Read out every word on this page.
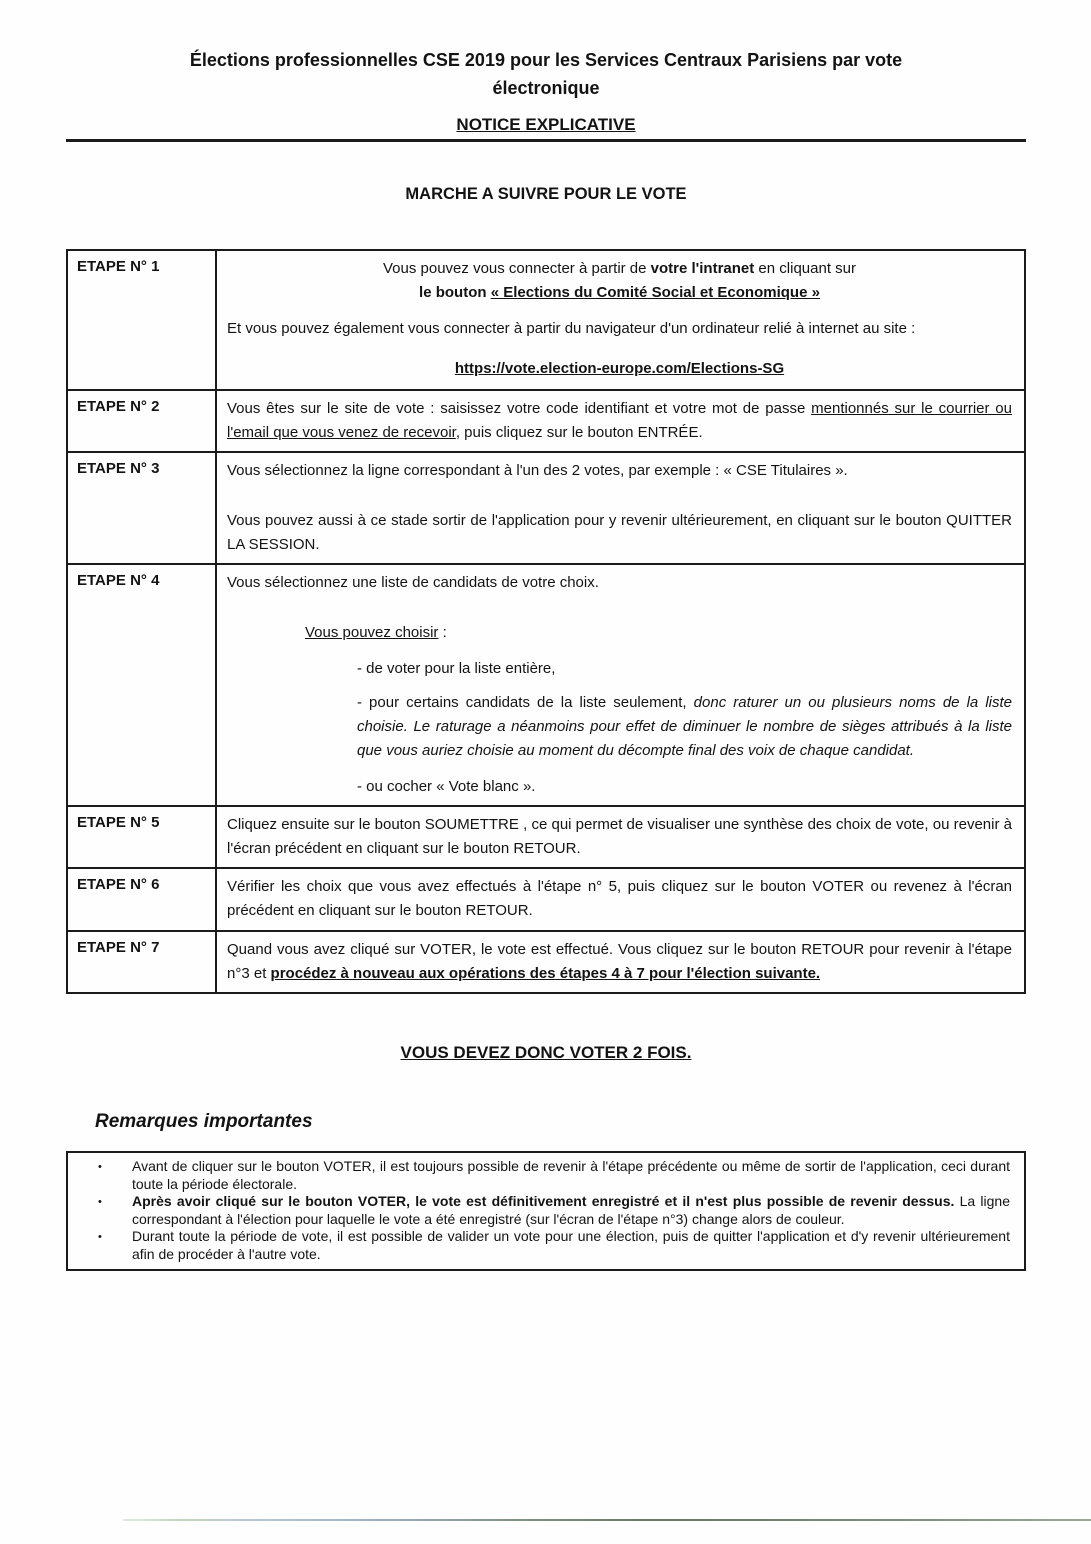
Élections professionnelles CSE 2019 pour les Services Centraux Parisiens par vote
électronique
NOTICE EXPLICATIVE
MARCHE A SUIVRE POUR LE VOTE
ETAPE N° 1	Vous pouvez vous connecter à partir de votre l'intranet en cliquant sur

le bouton « Elections du Comité Social et Economique »

Et vous pouvez également vous connecter à partir du navigateur d'un ordinateur relié à internet au site :

https://vote.election-europe.com/Elections-SG

ETAPE N° 2	Vous êtes sur le site de vote : saisissez votre code identifiant et votre mot de passe mentionnés sur le courrier ou l'email que vous venez de recevoir, puis cliquez sur le bouton ENTRÉE.

ETAPE N° 3	Vous sélectionnez la ligne correspondant à l'un des 2 votes, par exemple : « CSE Titulaires ».

Vous pouvez aussi à ce stade sortir de l'application pour y revenir ultérieurement, en cliquant sur le bouton QUITTER LA SESSION.

ETAPE N° 4	Vous sélectionnez une liste de candidats de votre choix.

Vous pouvez choisir :

- de voter pour la liste entière,

- pour certains candidats de la liste seulement, donc raturer un ou plusieurs noms de la liste choisie. Le raturage a néanmoins pour effet de diminuer le nombre de sièges attribués à la liste que vous auriez choisie au moment du décompte final des voix de chaque candidat.

- ou cocher « Vote blanc ».

ETAPE N° 5	Cliquez ensuite sur le bouton SOUMETTRE , ce qui permet de visualiser une synthèse des choix de vote, ou revenir à l'écran précédent en cliquant sur le bouton RETOUR.

ETAPE N° 6	Vérifier les choix que vous avez effectués à l'étape n° 5, puis cliquez sur le bouton VOTER ou revenez à l'écran précédent en cliquant sur le bouton RETOUR.

ETAPE N° 7	Quand vous avez cliqué sur VOTER, le vote est effectué. Vous cliquez sur le bouton RETOUR pour revenir à l'étape n°3 et procédez à nouveau aux opérations des étapes 4 à 7 pour l'élection suivante.

VOUS DEVEZ DONC VOTER 2 FOIS.
Remarques importantes
•	Avant de cliquer sur le bouton VOTER, il est toujours possible de revenir à l'étape précédente ou même de sortir de l'application, ceci durant toute la période électorale.
•	Après avoir cliqué sur le bouton VOTER, le vote est définitivement enregistré et il n'est plus possible de revenir dessus. La ligne correspondant à l'élection pour laquelle le vote a été enregistré (sur l'écran de l'étape n°3) change alors de couleur.
•	Durant toute la période de vote, il est possible de valider un vote pour une élection, puis de quitter l'application et d'y revenir ultérieurement afin de procéder à l'autre vote.
